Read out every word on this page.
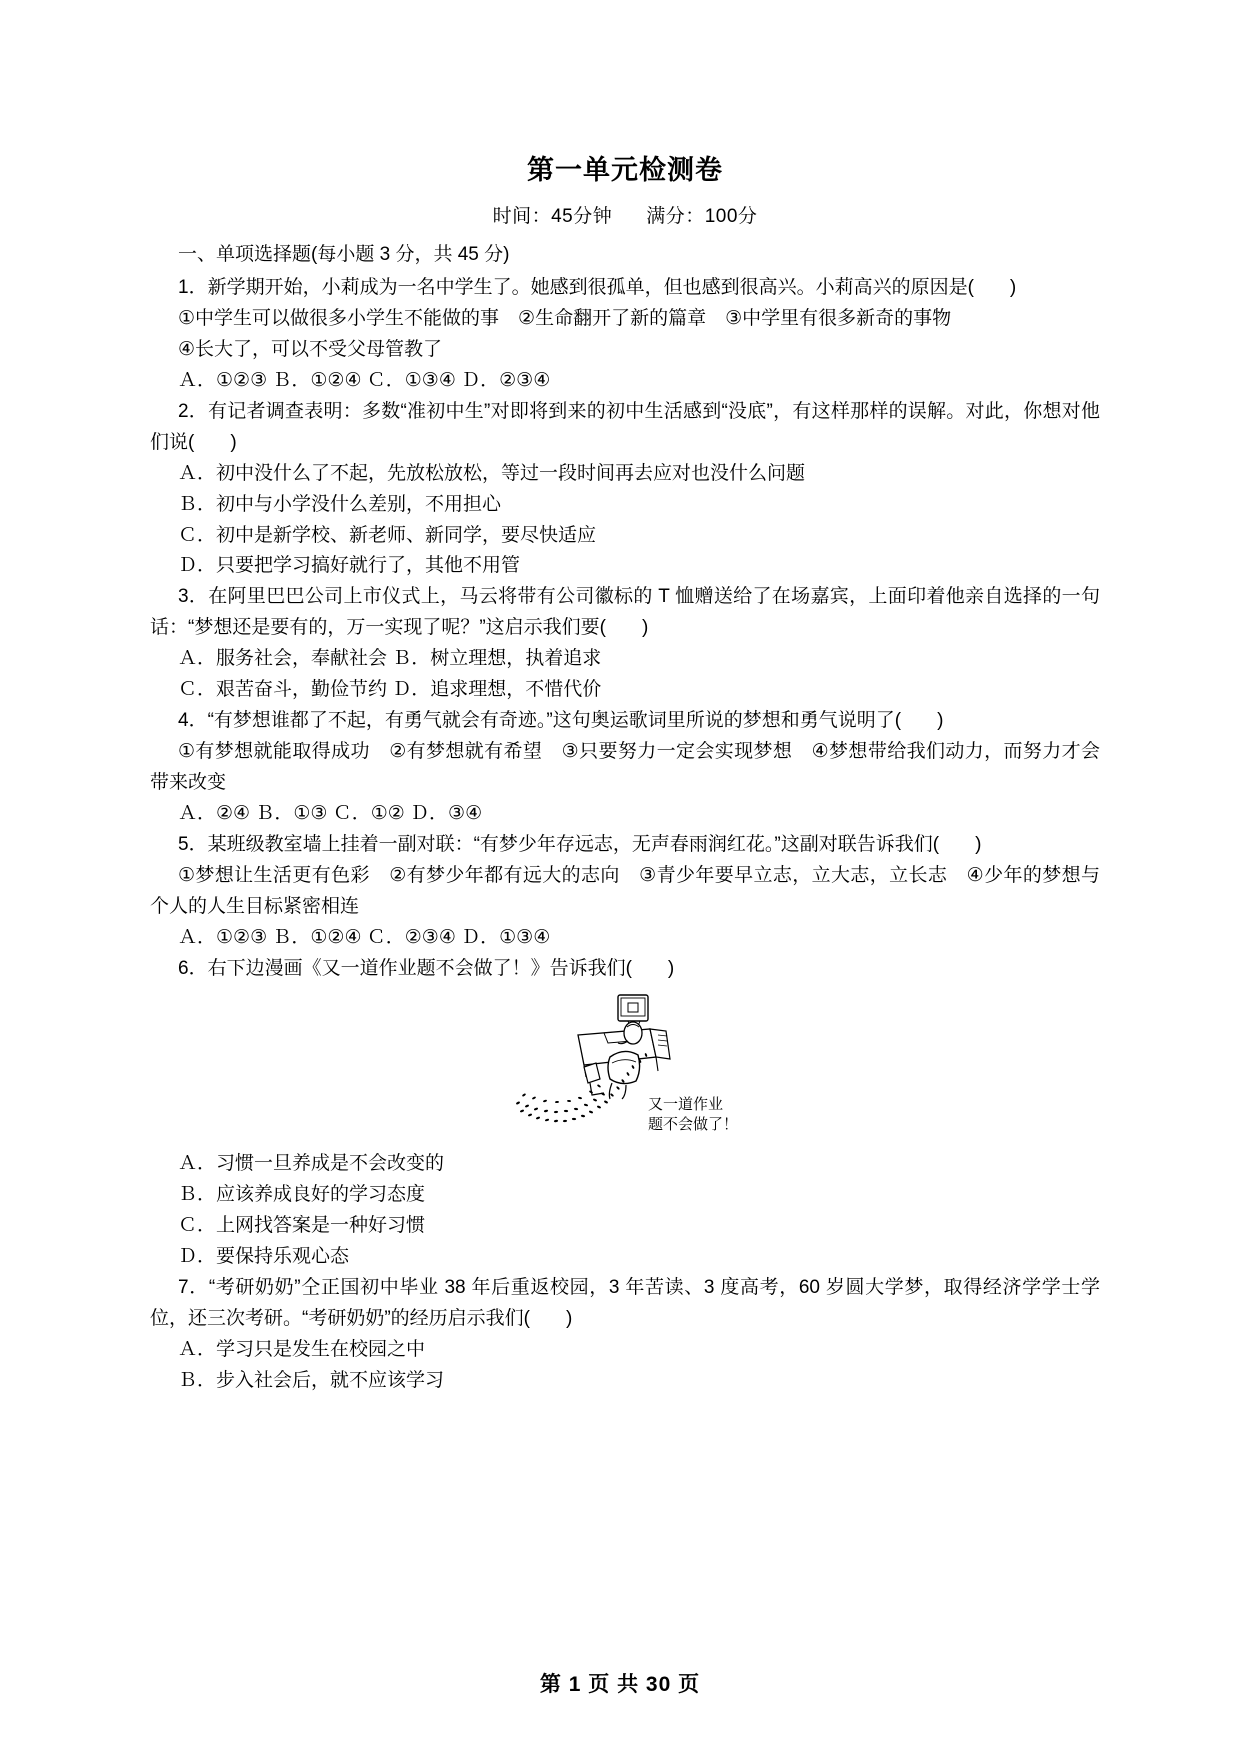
第一单元检测卷
时间：45分钟 满分：100分
一、单项选择题(每小题 3 分，共 45 分)
1．新学期开始，小莉成为一名中学生了。她感到很孤单，但也感到很高兴。小莉高兴的原因是( )
①中学生可以做很多小学生不能做的事　②生命翻开了新的篇章　③中学里有很多新奇的事物
④长大了，可以不受父母管教了
Ａ．①②③ Ｂ．①②④ Ｃ．①③④ Ｄ．②③④
2．有记者调查表明：多数“准初中生”对即将到来的初中生活感到“没底”，有这样那样的误解。对此，你想对他们说( )
Ａ．初中没什么了不起，先放松放松，等过一段时间再去应对也没什么问题
Ｂ．初中与小学没什么差别，不用担心
Ｃ．初中是新学校、新老师、新同学，要尽快适应
Ｄ．只要把学习搞好就行了，其他不用管
3．在阿里巴巴公司上市仪式上，马云将带有公司徽标的 T 恤赠送给了在场嘉宾，上面印着他亲自选择的一句话：“梦想还是要有的，万一实现了呢？”这启示我们要( )
Ａ．服务社会，奉献社会 Ｂ．树立理想，执着追求
Ｃ．艰苦奋斗，勤俭节约 Ｄ．追求理想，不惜代价
4．“有梦想谁都了不起，有勇气就会有奇迹。”这句奥运歌词里所说的梦想和勇气说明了( )
①有梦想就能取得成功　②有梦想就有希望　③只要努力一定会实现梦想　④梦想带给我们动力，而努力才会带来改变
Ａ．②④ Ｂ．①③ Ｃ．①② Ｄ．③④
5．某班级教室墙上挂着一副对联：“有梦少年存远志，无声春雨润红花。”这副对联告诉我们( )
①梦想让生活更有色彩　②有梦少年都有远大的志向　③青少年要早立志，立大志，立长志　④少年的梦想与个人的人生目标紧密相连
Ａ．①②③ Ｂ．①②④ Ｃ．②③④ Ｄ．①③④
6．右下边漫画《又一道作业题不会做了！》告诉我们( )
又一道作业
题不会做了！
Ａ．习惯一旦养成是不会改变的
Ｂ．应该养成良好的学习态度
Ｃ．上网找答案是一种好习惯
Ｄ．要保持乐观心态
7．“考研奶奶”仝正国初中毕业 38 年后重返校园，3 年苦读、3 度高考，60 岁圆大学梦，取得经济学学士学位，还三次考研。“考研奶奶”的经历启示我们( )
Ａ．学习只是发生在校园之中
Ｂ．步入社会后，就不应该学习
第 1 页 共 30 页
